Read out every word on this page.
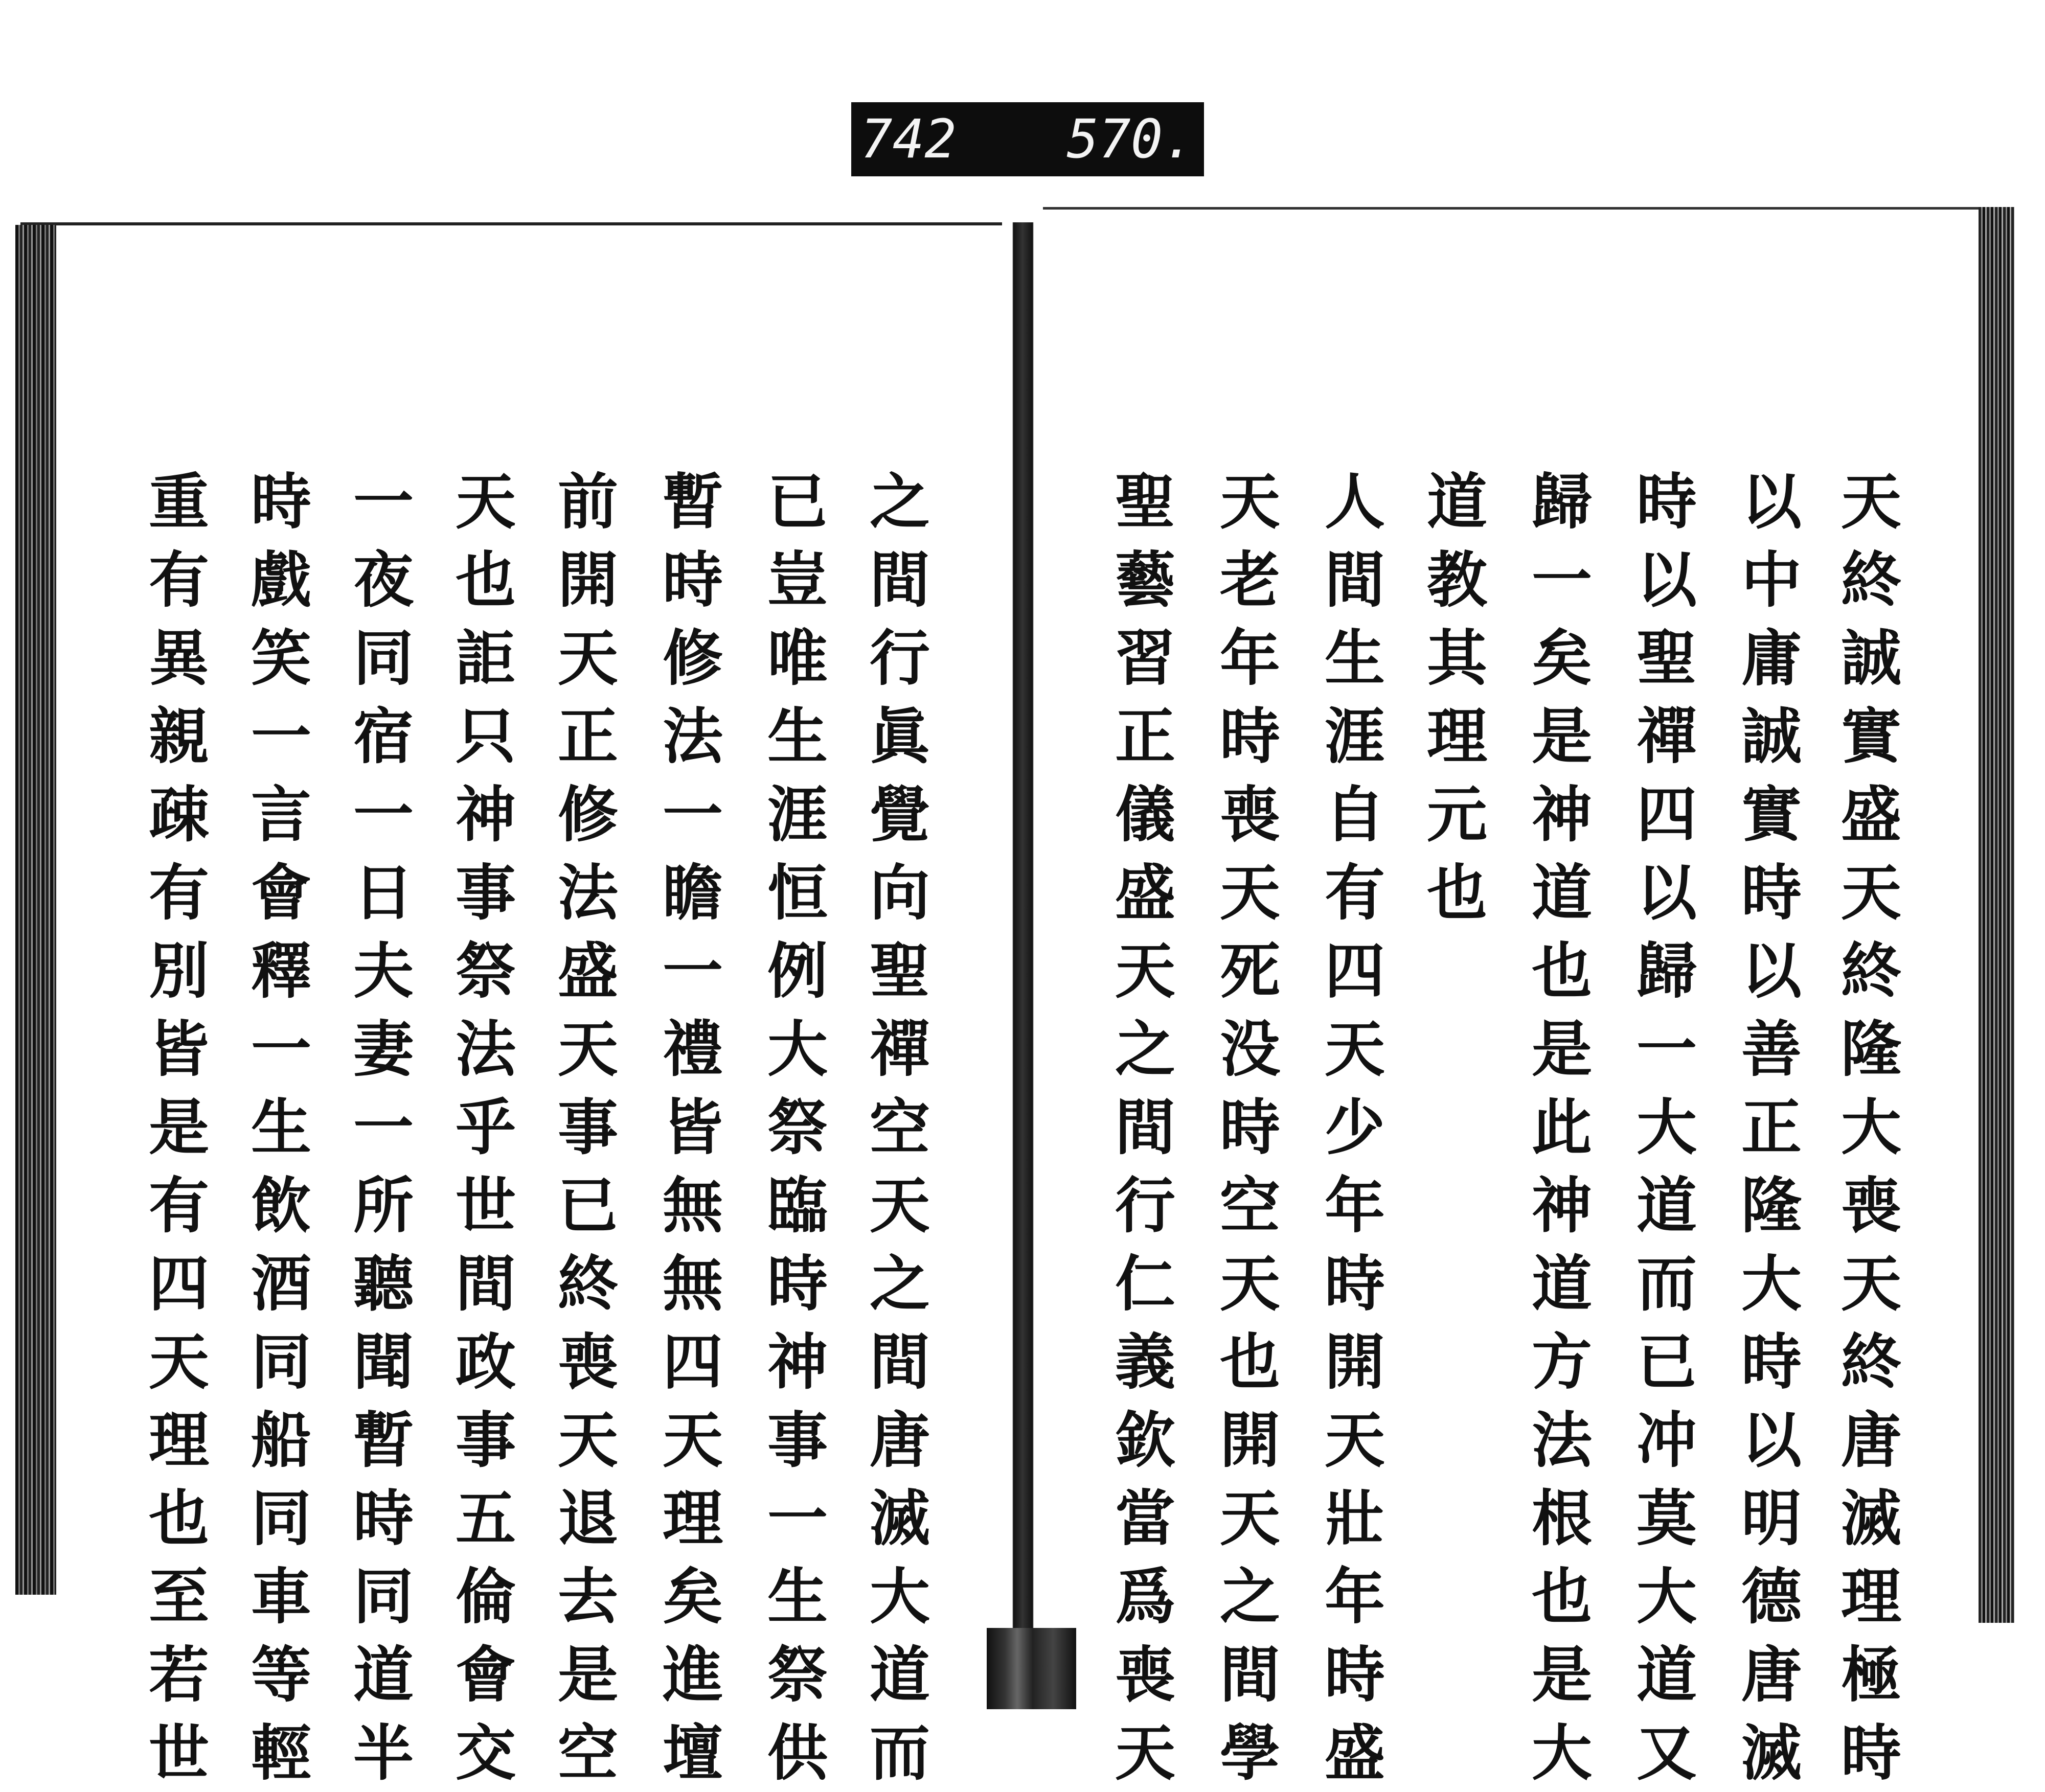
742 570.
天終誠實盛天終隆大喪天終唐滅理極時
以中庸誠實時以善正隆大時以明德唐滅
時以聖禪四以歸一大道而已冲莫大道又
歸一矣是神道也是此神道方法根也是大
道教其理元也
人間生涯自有四天少年時開天壯年時盛
天老年時喪天死没時空天也開天之間學
聖藝習正儀盛天之間行仁義欽當爲喪天
之間行眞覺向聖禪空天之間唐滅大道而
已豈唯生涯恒例大祭臨時神事一生祭供
暫時修法一瞻一禮皆無無四天理矣進壇
前開天正修法盛天事已終喪天退去是空
天也詎只神事祭法乎世間政事五倫會交
一夜同宿一日夫妻一所聽聞暫時同道半
時戲笑一言會釋一生飲酒同船同車等輕
重有異親疎有別皆是有四天理也至若世
